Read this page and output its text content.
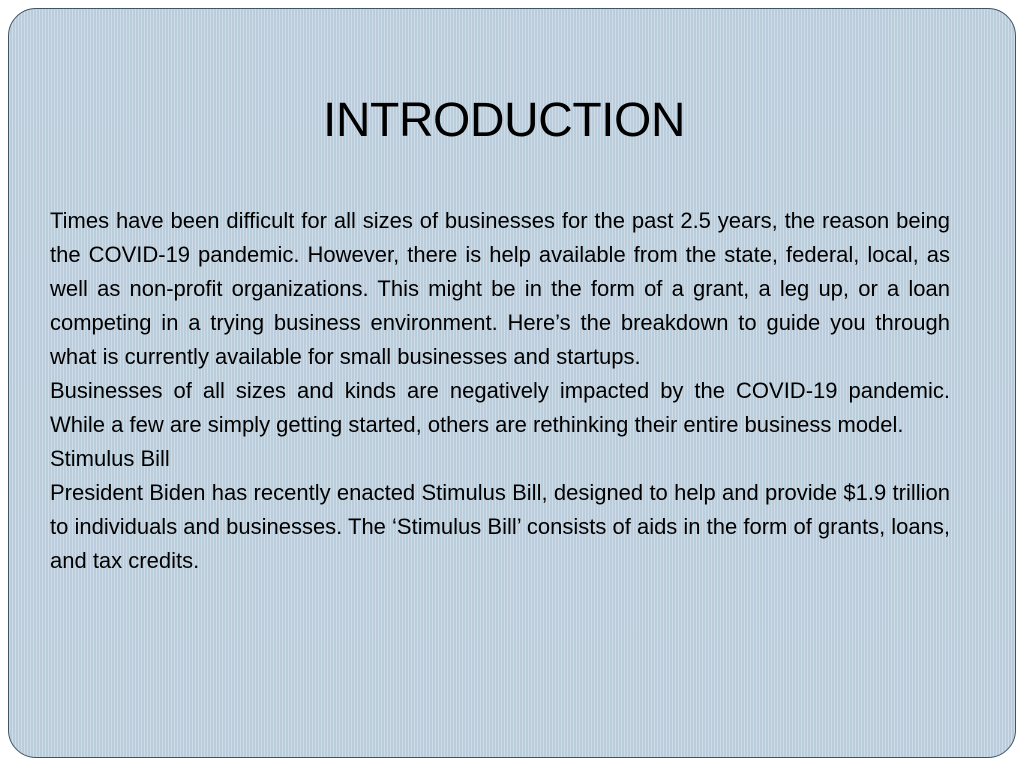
INTRODUCTION

Times have been difficult for all sizes of businesses for the past 2.5 years, the reason being the COVID-19 pandemic. However, there is help available from the state, federal, local, as well as non-profit organizations. This might be in the form of a grant, a leg up, or a loan competing in a trying business environment. Here’s the breakdown to guide you through what is currently available for small businesses and startups.

Businesses of all sizes and kinds are negatively impacted by the COVID-19 pandemic. While a few are simply getting started, others are rethinking their entire business model.

Stimulus Bill

President Biden has recently enacted Stimulus Bill, designed to help and provide $1.9 trillion to individuals and businesses. The ‘Stimulus Bill’ consists of aids in the form of grants, loans, and tax credits.
